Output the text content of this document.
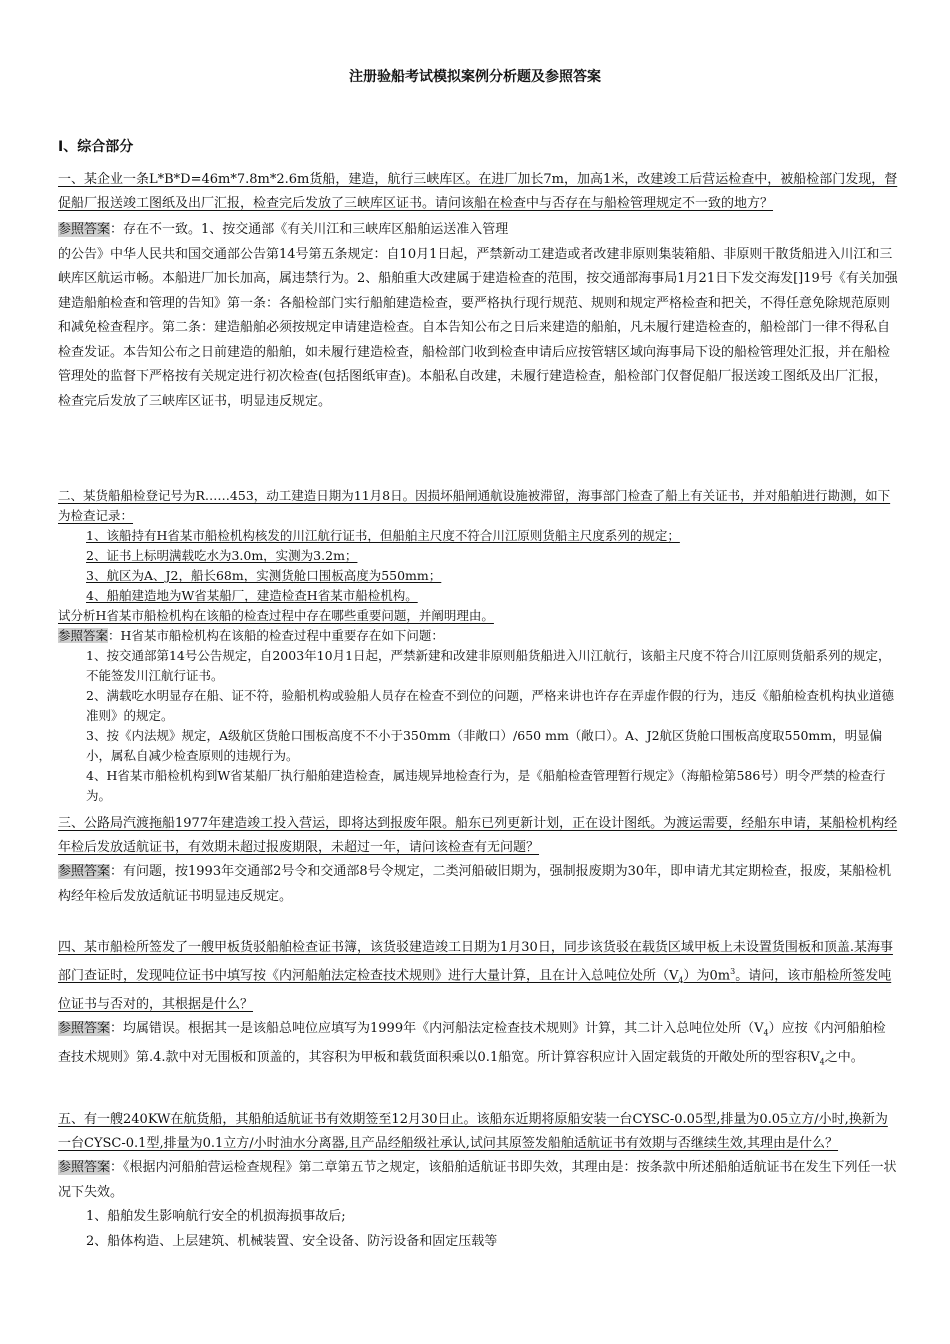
注册验船考试模拟案例分析题及参照答案
Ⅰ、综合部分
一、某企业一条L*B*D=46m*7.8m*2.6m货船，建造，航行三峡库区。在进厂加长7m，加高1米，改建竣工后营运检查中，被船检部门发现，督促船厂报送竣工图纸及出厂汇报，检查完后发放了三峡库区证书。请问该船在检查中与否存在与船检管理规定不一致的地方？
参照答案：存在不一致。1、按交通部《有关川江和三峡库区船舶运送准入管理
的公告》中华人民共和国交通部公告第14号第五条规定：自10月1日起，严禁新动工建造或者改建非原则集装箱船、非原则干散货船进入川江和三峡库区航运市畅。本船进厂加长加高，属违禁行为。2、船舶重大改建属于建造检查的范围，按交通部海事局1月21日下发交海发[]19号《有关加强建造船舶检查和管理的告知》第一条：各船检部门实行船舶建造检查，要严格执行现行规范、规则和规定严格检查和把关，不得任意免除规范原则和减免检查程序。第二条：建造船舶必须按规定申请建造检查。自本告知公布之日后来建造的船舶，凡未履行建造检查的，船检部门一律不得私自检查发证。本告知公布之日前建造的船舶，如未履行建造检查，船检部门收到检查申请后应按管辖区域向海事局下设的船检管理处汇报，并在船检管理处的监督下严格按有关规定进行初次检查(包括图纸审查)。本船私自改建，未履行建造检查，船检部门仅督促船厂报送竣工图纸及出厂汇报，检查完后发放了三峡库区证书，明显违反规定。
二、某货船船检登记号为R……453，动工建造日期为11月8日。因损坏船闸通航设施被滞留，海事部门检查了船上有关证书，并对船舶进行勘测，如下为检查记录：
1、该船持有H省某市船检机构核发的川江航行证书，但船舶主尺度不符合川江原则货船主尺度系列的规定；
2、证书上标明满载吃水为3.0m，实测为3.2m；
3、航区为A、J2，船长68m，实测货舱口围板高度为550mm；
4、船舶建造地为W省某船厂，建造检查H省某市船检机构。
试分析H省某市船检机构在该船的检查过程中存在哪些重要问题，并阐明理由。
参照答案：H省某市船检机构在该船的检查过程中重要存在如下问题：
1、按交通部第14号公告规定，自2003年10月1日起，严禁新建和改建非原则船货船进入川江航行，该船主尺度不符合川江原则货船系列的规定，不能签发川江航行证书。
2、满载吃水明显存在船、证不符，验船机构或验船人员存在检查不到位的问题，严格来讲也许存在弄虚作假的行为，违反《船舶检查机构执业道德准则》的规定。
3、按《内法规》规定，A级航区货舱口围板高度不不小于350mm（非敞口）/650 mm（敞口）。A、J2航区货舱口围板高度取550mm，明显偏小，属私自减少检查原则的违规行为。
4、H省某市船检机构到W省某船厂执行船舶建造检查，属违规异地检查行为，是《船舶检查管理暂行规定》（海船检第586号）明令严禁的检查行为。
三、公路局汽渡拖船1977年建造竣工投入营运，即将达到报废年限。船东已列更新计划，正在设计图纸。为渡运需要，经船东申请，某船检机构经年检后发放适航证书，有效期未超过报废期限，未超过一年，请问该检查有无问题？
参照答案：有问题，按1993年交通部2号令和交通部8号令规定，二类河船破旧期为，强制报废期为30年，即申请尤其定期检查，报废，某船检机构经年检后发放适航证书明显违反规定。
四、某市船检所签发了一艘甲板货驳船舶检查证书簿，该货驳建造竣工日期为1月30日，同步该货驳在载货区域甲板上未设置货围板和顶盖.某海事部门查证时，发现吨位证书中填写按《内河船舶法定检查技术规则》进行大量计算，且在计入总吨位处所$(V_4)$为$0m^3$。请问，该市船检所签发吨位证书与否对的，其根据是什么？
参照答案：均属错误。根据其一是该船总吨位应填写为1999年《内河船法定检查技术规则》计算，其二计入总吨位处所$(V_4)$应按《内河船舶检查技术规则》第.4.款中对无围板和顶盖的，其容积为甲板和载货面积乘以0.1船宽。所计算容积应计入固定载货的开敞处所的型容积$V_4$之中。
五、有一艘240KW在航货船，其船舶适航证书有效期签至12月30日止。该船东近期将原船安装一台CYSC-0.05型,排量为0.05立方/小时,换新为一台CYSC-0.1型,排量为0.1立方/小时油水分离器,且产品经船级社承认,试问其原签发船舶适航证书有效期与否继续生效,其理由是什么？
参照答案：《根据内河船舶营运检查规程》第二章第五节之规定，该船舶适航证书即失效，其理由是：按条款中所述船舶适航证书在发生下列任一状况下失效。
1、船舶发生影响航行安全的机损海损事故后;
2、船体构造、上层建筑、机械装置、安全设备、防污设备和固定压载等
